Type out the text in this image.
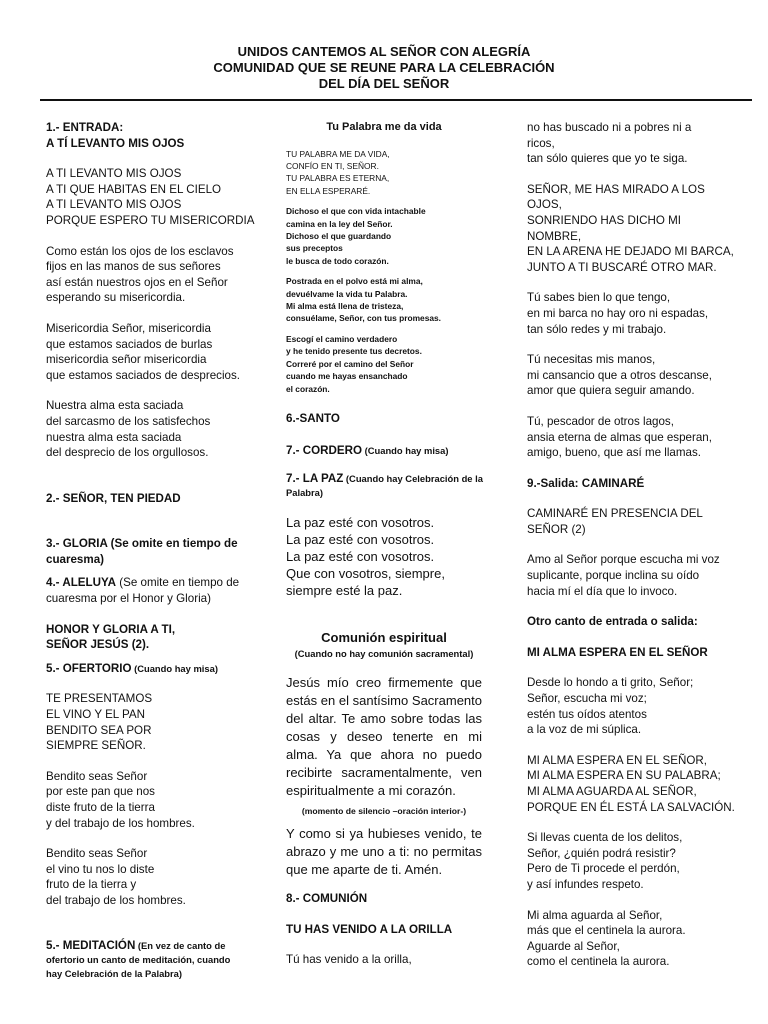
UNIDOS CANTEMOS AL SEÑOR CON ALEGRÍA
COMUNIDAD QUE SE REUNE PARA LA CELEBRACIÓN
DEL DÍA DEL SEÑOR
1.- ENTRADA:
A TÍ LEVANTO MIS OJOS
A TI LEVANTO MIS OJOS
A TI QUE HABITAS EN EL CIELO
A TI LEVANTO MIS OJOS
PORQUE ESPERO TU MISERICORDIA
Como están los ojos de los esclavos
fijos en las manos de sus señores
así están nuestros ojos en el Señor
esperando su misericordia.
Misericordia Señor, misericordia
que estamos saciados de burlas
misericordia señor misericordia
que estamos saciados de desprecios.
Nuestra alma esta saciada
del sarcasmo de los satisfechos
nuestra alma esta saciada
del desprecio de los orgullosos.
2.- SEÑOR, TEN PIEDAD
3.- GLORIA (Se omite en tiempo de
cuaresma)
4.- ALELUYA (Se omite en tiempo de
cuaresma por el Honor y Gloria)
HONOR Y GLORIA A TI,
SEÑOR JESÚS (2).
5.- OFERTORIO (Cuando hay misa)
TE PRESENTAMOS
EL VINO Y EL PAN
BENDITO SEA POR
SIEMPRE SEÑOR.
Bendito seas Señor
por este pan que nos
diste fruto de la tierra
y del trabajo de los hombres.
Bendito seas Señor
el vino tu nos lo diste
fruto de la tierra y
del trabajo de los hombres.
5.- MEDITACIÓN (En vez de canto de
ofertorio un canto de meditación, cuando
hay Celebración de la Palabra)
Tu Palabra me da vida
TU PALABRA ME DA VIDA,
CONFÍO EN TI, SEÑOR.
TU PALABRA ES ETERNA,
EN ELLA ESPERARÉ.
Dichoso el que con vida intachable
camina en la ley del Señor.
Dichoso el que guardando
sus preceptos
le busca de todo corazón.
Postrada en el polvo está mi alma,
devuélvame la vida tu Palabra.
Mi alma está llena de tristeza,
consuélame, Señor, con tus promesas.
Escogí el camino verdadero
y he tenido presente tus decretos.
Correré por el camino del Señor
cuando me hayas ensanchado
el corazón.
6.-SANTO
7.- CORDERO (Cuando hay misa)
7.- LA PAZ (Cuando hay Celebración de la
Palabra)
La paz esté con vosotros.
La paz esté con vosotros.
La paz esté con vosotros.
Que con vosotros, siempre,
siempre esté la paz.
Comunión espiritual
(Cuando no hay comunión sacramental)
Jesús mío creo firmemente que
estás en el santísimo Sacramento
del altar. Te amo sobre todas las
cosas y deseo tenerte en mi
alma. Ya que ahora no puedo
recibirte sacramentalmente, ven
espiritualmente a mi corazón.
(momento de silencio –oración interior-)
Y como si ya hubieses venido, te
abrazo y me uno a ti: no permitas
que me aparte de ti. Amén.
8.- COMUNIÓN
TU HAS VENIDO A LA ORILLA
Tú has venido a la orilla,
no has buscado ni a pobres ni a
ricos,
tan sólo quieres que yo te siga.
SEÑOR, ME HAS MIRADO A LOS
OJOS,
SONRIENDO HAS DICHO MI
NOMBRE,
EN LA ARENA HE DEJADO MI BARCA,
JUNTO A TI BUSCARÉ OTRO MAR.
Tú sabes bien lo que tengo,
en mi barca no hay oro ni espadas,
tan sólo redes y mi trabajo.
Tú necesitas mis manos,
mi cansancio que a otros descanse,
amor que quiera seguir amando.
Tú, pescador de otros lagos,
ansia eterna de almas que esperan,
amigo, bueno, que así me llamas.
9.-Salida: CAMINARÉ
CAMINARÉ EN PRESENCIA DEL
SEÑOR (2)
Amo al Señor porque escucha mi voz
suplicante, porque inclina su oído
hacia mí el día que lo invoco.
Otro canto de entrada o salida:
MI ALMA ESPERA EN EL SEÑOR
Desde lo hondo a ti grito, Señor;
Señor, escucha mi voz;
estén tus oídos atentos
a la voz de mi súplica.
MI ALMA ESPERA EN EL SEÑOR,
MI ALMA ESPERA EN SU PALABRA;
MI ALMA AGUARDA AL SEÑOR,
PORQUE EN ÉL ESTÁ LA SALVACIÓN.
Si llevas cuenta de los delitos,
Señor, ¿quién podrá resistir?
Pero de Ti procede el perdón,
y así infundes respeto.
Mi alma aguarda al Señor,
más que el centinela la aurora.
Aguarde al Señor,
como el centinela la aurora.
